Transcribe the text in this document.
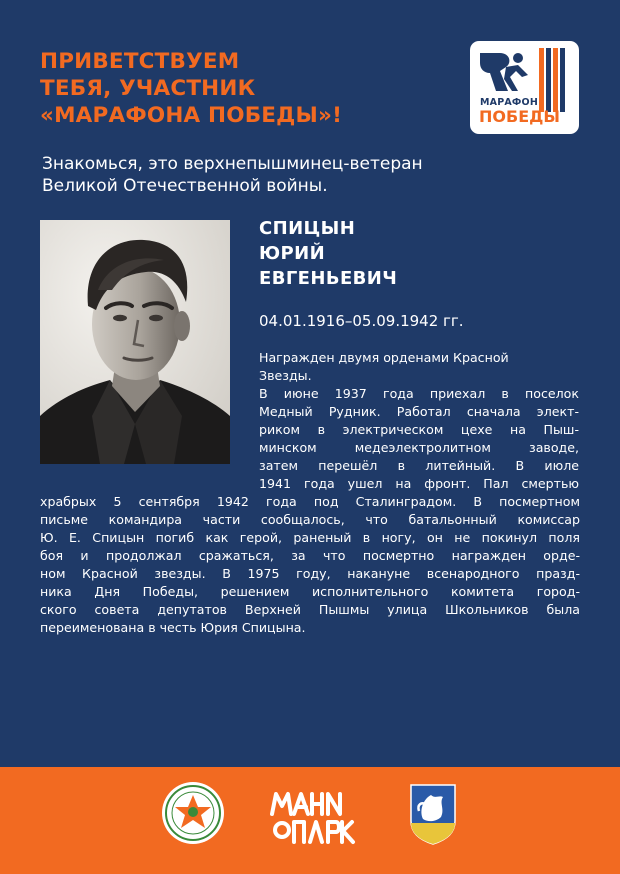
ПРИВЕТСТВУЕМ
ТЕБЯ, УЧАСТНИК
«МАРАФОНА ПОБЕДЫ»!
МАРАФОН
ПОБЕДЫ
Знакомься, это верхнепышминец-ветеран
Великой Отечественной войны.
СПИЦЫН
ЮРИЙ
ЕВГЕНЬЕВИЧ
04.01.1916–05.09.1942 гг.
Награжден двумя орденами Красной
Звезды.
В июне 1937 года приехал в поселок
Медный Рудник. Работал сначала элект-
риком в электрическом цехе на Пыш-
минском медеэлектролитном заводе,
затем перешёл в литейный. В июле
1941 года ушел на фронт. Пал смертью
храбрых 5 сентября 1942 года под Сталинградом. В посмертном
письме командира части сообщалось, что батальонный комиссар
Ю. Е. Спицын погиб как герой, раненый в ногу, он не покинул поля
боя и продолжал сражаться, за что посмертно награжден орде-
ном Красной звезды. В 1975 году, накануне всенародного празд-
ника Дня Победы, решением исполнительного комитета город-
ского совета депутатов Верхней Пышмы улица Школьников была
переименована в честь Юрия Спицына.
